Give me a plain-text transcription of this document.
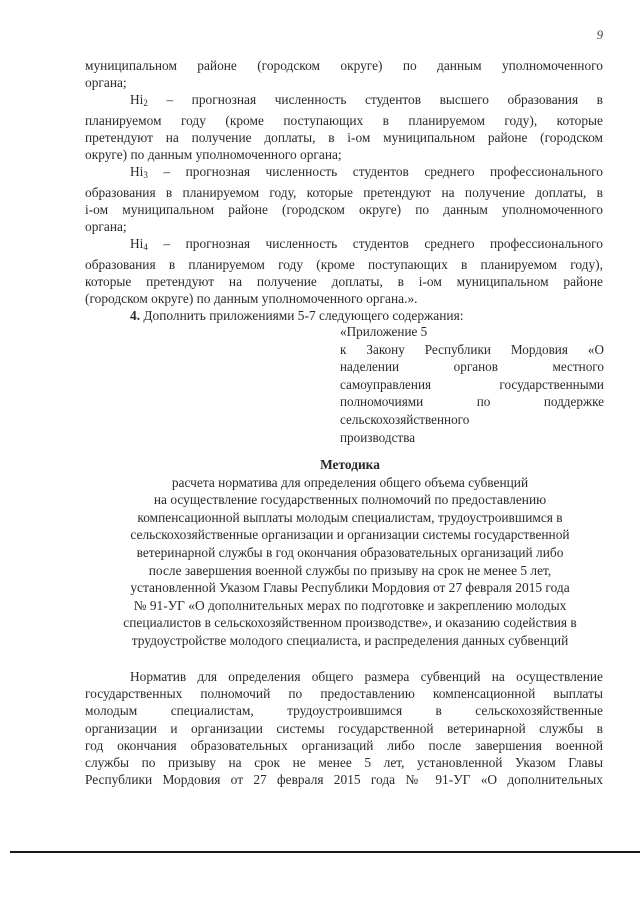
9
муниципальном районе (городском округе) по данным уполномоченного
органа;
$Hi_2$ – прогнозная численность студентов высшего образования в
планируемом году (кроме поступающих в планируемом году), которые
претендуют на получение доплаты, в i-ом муниципальном районе (городском
округе) по данным уполномоченного органа;
$Hi_3$ – прогнозная численность студентов среднего профессионального
образования в планируемом году, которые претендуют на получение доплаты, в
i-ом муниципальном районе (городском округе) по данным уполномоченного
органа;
$Hi_4$ – прогнозная численность студентов среднего профессионального
образования в планируемом году (кроме поступающих в планируемом году),
которые претендуют на получение доплаты, в i-ом муниципальном районе
(городском округе) по данным уполномоченного органа.».
4. Дополнить приложениями 5-7 следующего содержания:
«Приложение 5
к Закону Республики Мордовия «О
наделении органов местного
самоуправления государственными
полномочиями по поддержке
сельскохозяйственного
производства
Методика
расчета норматива для определения общего объема субвенций
на осуществление государственных полномочий по предоставлению
компенсационной выплаты молодым специалистам, трудоустроившимся в
сельскохозяйственные организации и организации системы государственной
ветеринарной службы в год окончания образовательных организаций либо
после завершения военной службы по призыву на срок не менее 5 лет,
установленной Указом Главы Республики Мордовия от 27 февраля 2015 года
№ 91-УГ «О дополнительных мерах по подготовке и закреплению молодых
специалистов в сельскохозяйственном производстве», и оказанию содействия в
трудоустройстве молодого специалиста, и распределения данных субвенций
Норматив для определения общего размера субвенций на осуществление
государственных полномочий по предоставлению компенсационной выплаты
молодым специалистам, трудоустроившимся в сельскохозяйственные
организации и организации системы государственной ветеринарной службы в
год окончания образовательных организаций либо после завершения военной
службы по призыву на срок не менее 5 лет, установленной Указом Главы
Республики Мордовия от 27 февраля 2015 года № 91-УГ «О дополнительных
